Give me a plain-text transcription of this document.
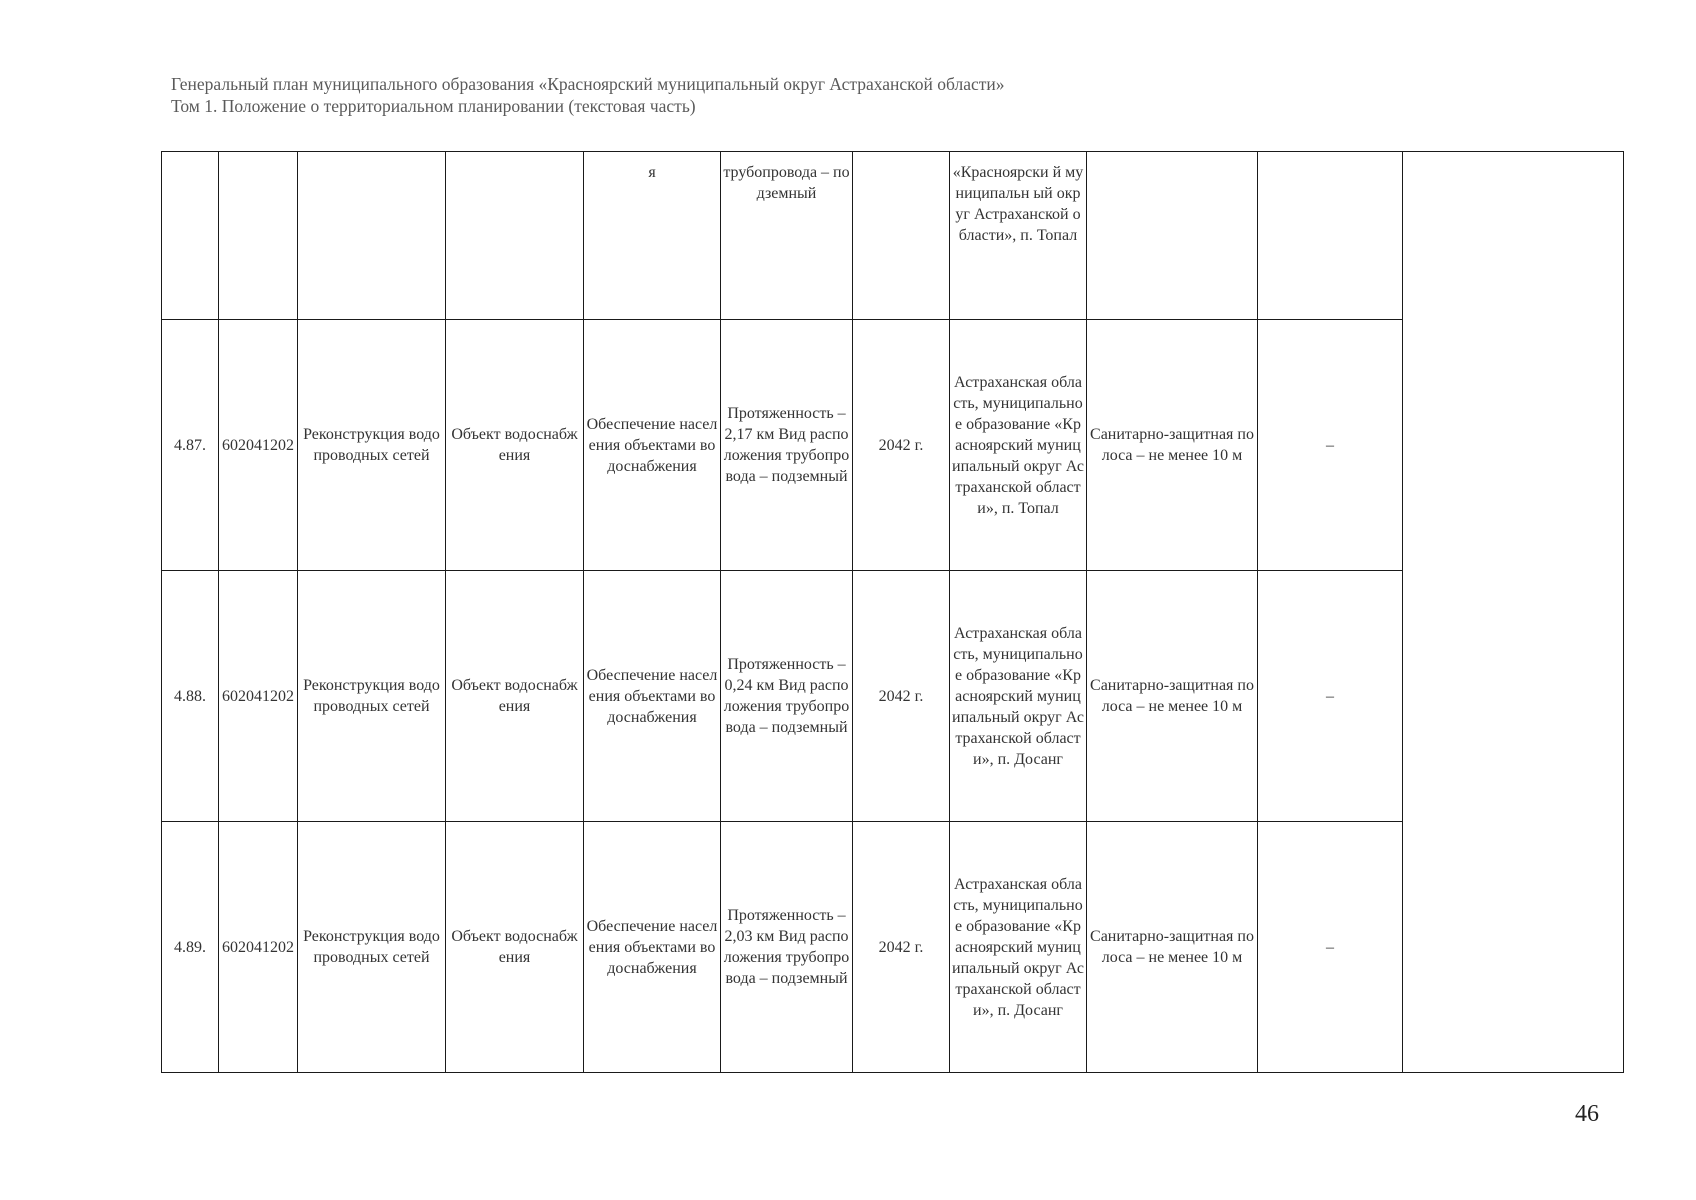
Генеральный план муниципального образования «Красноярский муниципальный округ Астраханской области»
Том 1. Положение о территориальном планировании (текстовая часть)
				я	трубопровода – подземный		«Красноярски й муниципальн ый округ Астраханской области», п. Топал			
4.87.	602041202	Реконструкция водопроводных сетей	Объект водоснабжения	Обеспечение населения объектами водоснабжения	Протяженность – 2,17 км Вид расположения трубопровода – подземный	2042 г.	Астраханская область, муниципальное образование «Красноярский муниципальный округ Астраханской области», п. Топал	Санитарно-защитная полоса – не менее 10 м	–	
4.88.	602041202	Реконструкция водопроводных сетей	Объект водоснабжения	Обеспечение населения объектами водоснабжения	Протяженность – 0,24 км Вид расположения трубопровода – подземный	2042 г.	Астраханская область, муниципальное образование «Красноярский муниципальный округ Астраханской области», п. Досанг	Санитарно-защитная полоса – не менее 10 м	–	
4.89.	602041202	Реконструкция водопроводных сетей	Объект водоснабжения	Обеспечение населения объектами водоснабжения	Протяженность – 2,03 км Вид расположения трубопровода – подземный	2042 г.	Астраханская область, муниципальное образование «Красноярский муниципальный округ Астраханской области», п. Досанг	Санитарно-защитная полоса – не менее 10 м	–	
46
